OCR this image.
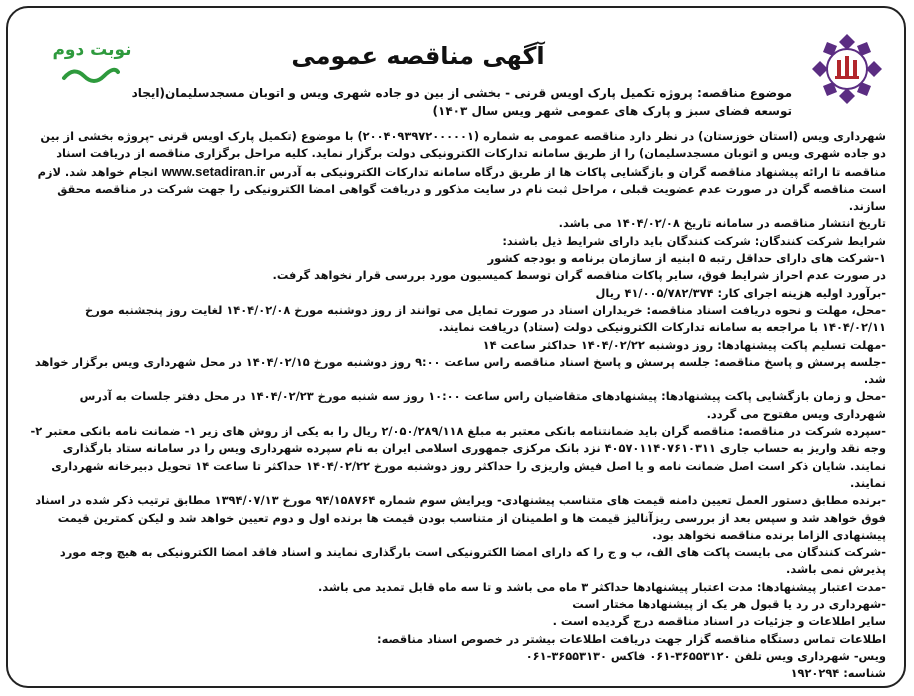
نوبت دوم	آگهی مناقصه عمومی
موضوع مناقصه: پروژه تکمیل پارک اویس قرنی - بخشی از بین دو جاده شهری ویس و اتوبان مسجدسلیمان(ایجاد توسعه فضای سبز و پارک های عمومی شهر ویس سال ۱۴۰۳)

شهرداری ویس (استان خوزستان) در نظر دارد مناقصه عمومی به شماره (۲۰۰۴۰۹۳۹۷۲۰۰۰۰۰۱) با موضوع (تکمیل پارک اویس قرنی -پروژه بخشی از بین دو جاده شهری ویس و اتوبان مسجدسلیمان) را از طریق سامانه تدارکات الکترونیکی دولت برگزار نماید. کلیه مراحل برگزاری مناقصه از دریافت اسناد مناقصه تا ارائه پیشنهاد مناقصه گران و بازگشایی پاکات ها از طریق درگاه سامانه تدارکات الکترونیکی به آدرس www.setadiran.ir انجام خواهد شد. لازم است مناقصه گران در صورت عدم عضویت قبلی ، مراحل ثبت نام در سایت مذکور و دریافت گواهی امضا الکترونیکی را جهت شرکت در مناقصه محقق سازند.

تاریخ انتشار مناقصه در سامانه تاریخ ۱۴۰۴/۰۲/۰۸ می باشد.

شرایط شرکت کنندگان: شرکت کنندگان باید دارای شرایط ذیل باشند:

۱-شرکت های دارای حداقل رتبه ۵ ابنیه از سازمان برنامه و بودجه کشور

در صورت عدم احراز شرایط فوق، سایر پاکات مناقصه گران توسط کمیسیون مورد بررسی قرار نخواهد گرفت.

-برآورد اولیه هزینه اجرای کار: ۴۱/۰۰۵/۷۸۲/۳۷۴ ریال

-محل، مهلت و نحوه دریافت اسناد مناقصه: خریداران اسناد در صورت تمایل می توانند از روز دوشنبه مورخ ۱۴۰۴/۰۲/۰۸ لغایت روز پنجشنبه مورخ ۱۴۰۴/۰۲/۱۱ با مراجعه به سامانه تدارکات الکترونیکی دولت (ستاد) دریافت نمایند.

-مهلت تسلیم پاکت پیشنهادها: روز دوشنبه ۱۴۰۴/۰۲/۲۲ حداکثر ساعت ۱۴

-جلسه پرسش و پاسخ مناقصه: جلسه پرسش و پاسخ اسناد مناقصه راس ساعت ۹:۰۰ روز دوشنبه مورخ ۱۴۰۴/۰۲/۱۵ در محل شهرداری ویس برگزار خواهد شد.

-محل و زمان بازگشایی پاکت پیشنهادها: پیشنهادهای متقاضیان راس ساعت ۱۰:۰۰ روز سه شنبه مورخ ۱۴۰۴/۰۲/۲۳ در محل دفتر جلسات به آدرس شهرداری ویس مفتوح می گردد.

-سپرده شرکت در مناقصه: مناقصه گران باید ضمانتنامه بانکی معتبر به مبلغ ۲/۰۵۰/۲۸۹/۱۱۸ ریال را به یکی از روش های زیر ۱- ضمانت نامه بانکی معتبر ۲- وجه نقد واریز به حساب جاری ۴۰۵۷۰۱۱۴۰۷۶۱۰۳۱۱ نزد بانک مرکزی جمهوری اسلامی ایران به نام سپرده شهرداری ویس را در سامانه ستاد بارگذاری نمایند. شایان ذکر است اصل ضمانت نامه و یا اصل فیش واریزی را حداکثر روز دوشنبه مورخ ۱۴۰۴/۰۲/۲۲ حداکثر تا ساعت ۱۴ تحویل دبیرخانه شهرداری نمایند.

-برنده مطابق دستور العمل تعیین دامنه قیمت های متناسب پیشنهادی- ویرایش سوم شماره ۹۴/۱۵۸۷۶۴ مورخ ۱۳۹۴/۰۷/۱۳ مطابق ترتیب ذکر شده در اسناد فوق خواهد شد و سپس بعد از بررسی ریزآنالیز قیمت ها و اطمینان از متناسب بودن قیمت ها برنده اول و دوم تعیین خواهد شد و لیکن کمترین قیمت پیشنهادی الزاما برنده مناقصه نخواهد بود.

-شرکت کنندگان می بایست پاکت های الف، ب و ج را که دارای امضا الکترونیکی است بارگذاری نمایند و اسناد فاقد امضا الکترونیکی به هیچ وجه مورد پذیرش نمی باشد.

-مدت اعتبار پیشنهادها: مدت اعتبار پیشنهادها حداکثر ۳ ماه می باشد و تا سه ماه قابل تمدید می باشد.

-شهرداری در رد یا قبول هر یک از پیشنهادها مختار است

سایر اطلاعات و جزئیات در اسناد مناقصه درج گردیده است .

اطلاعات تماس دستگاه مناقصه گزار جهت دریافت اطلاعات بیشتر در خصوص اسناد مناقصه:

ویس- شهرداری ویس تلفن ۳۶۵۵۳۱۲۰-۰۶۱ فاکس ۳۶۵۵۳۱۳۰-۰۶۱

شناسه: ۱۹۲۰۲۹۴
